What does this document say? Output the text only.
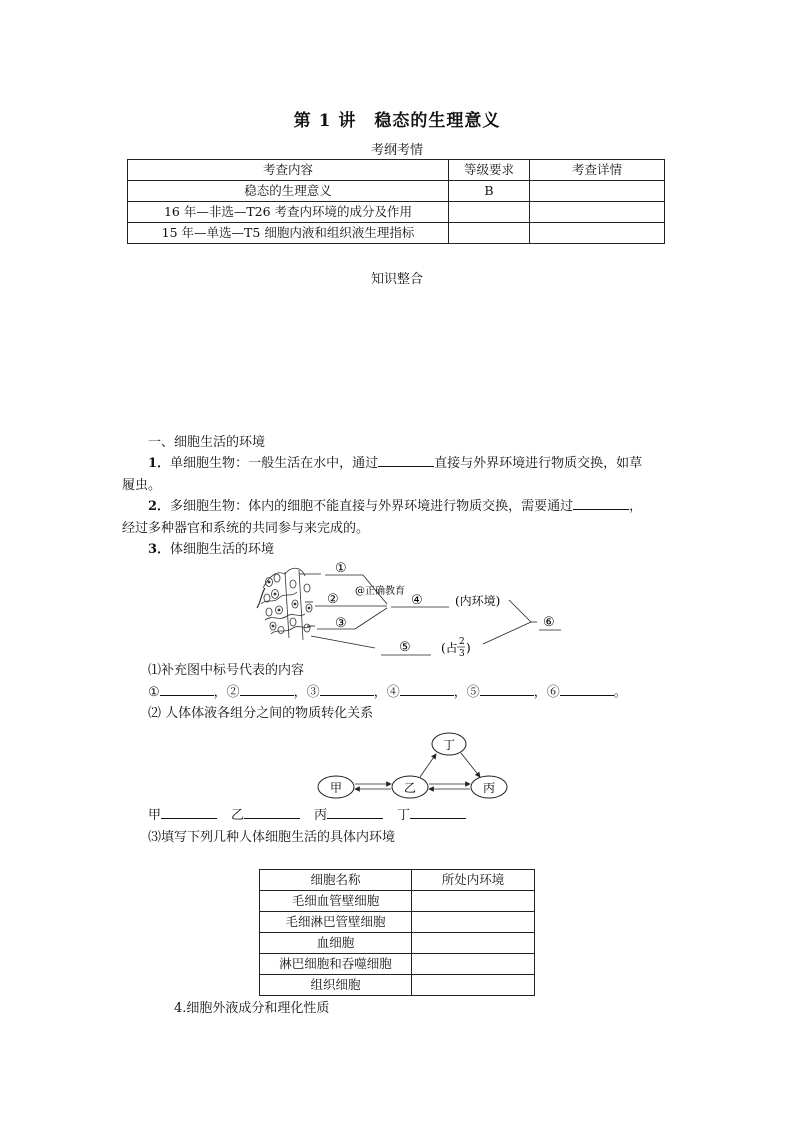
第 1 讲　稳态的生理意义
考纲考情
考查内容	等级要求	考查详情
稳态的生理意义	B	
16 年—非选—T26 考查内环境的成分及作用		
15 年—单选—T5 细胞内液和组织液生理指标		
知识整合
一、细胞生活的环境
1．单细胞生物：一般生活在水中，通过	直接与外界环境进行物质交换，如草
履虫。
2．多细胞生物：体内的细胞不能直接与外界环境进行物质交换，需要通过	，
经过多种器官和系统的共同参与来完成的。
3．体细胞生活的环境
①
②
③
@正确教育
④	(内环境)
⑤	(占 2
3 )
⑥
⑴补充图中标号代表的内容
①	，②	，③	，④	，⑤	，⑥	。
⑵ 人体体液各组分之间的物质转化关系
甲	乙	丙
丁
甲	乙	丙	丁
⑶填写下列几种人体细胞生活的具体内环境
细胞名称	所处内环境
毛细血管壁细胞	
毛细淋巴管壁细胞	
血细胞	
淋巴细胞和吞噬细胞	
组织细胞	
4.细胞外液成分和理化性质
